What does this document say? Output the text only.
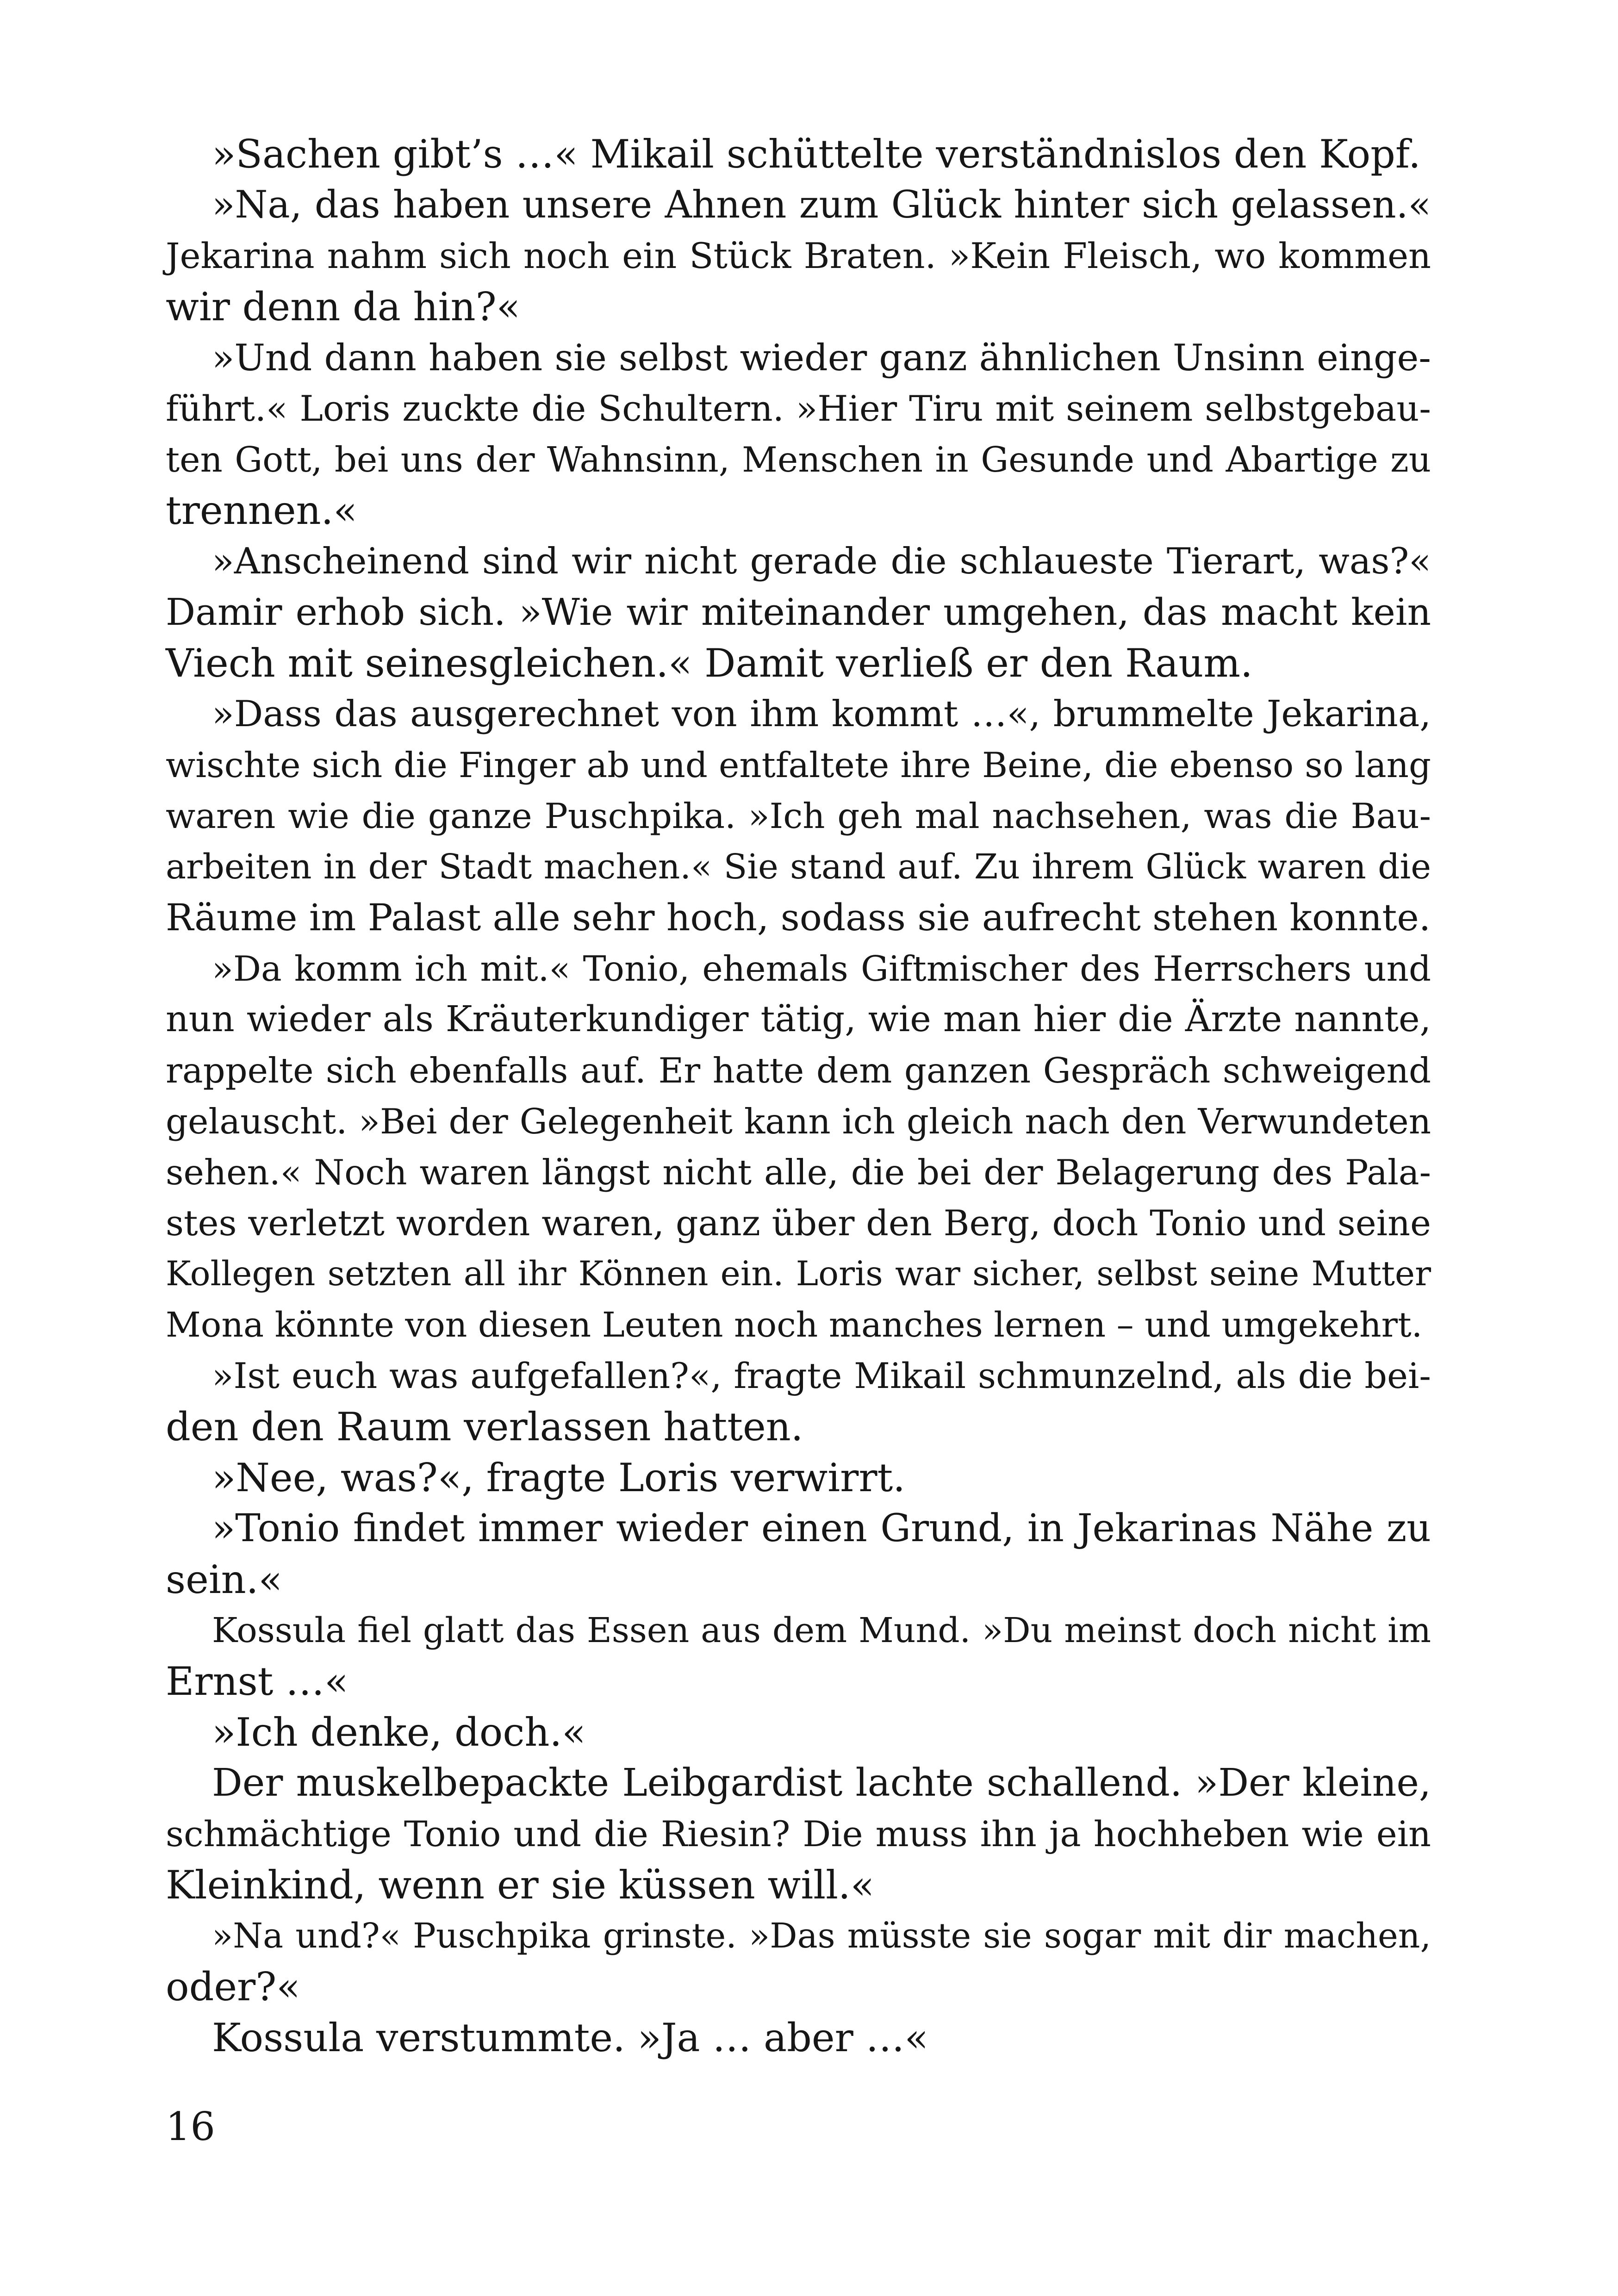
»Sachen gibt’s …« Mikail schüttelte verständnislos den Kopf.
»Na, das haben unsere Ahnen zum Glück hinter sich gelassen.«
Jekarina nahm sich noch ein Stück Braten. »Kein Fleisch, wo kommen
wir denn da hin?«
»Und dann haben sie selbst wieder ganz ähnlichen Unsinn einge-
führt.« Loris zuckte die Schultern. »Hier Tiru mit seinem selbstgebau-
ten Gott, bei uns der Wahnsinn, Menschen in Gesunde und Abartige zu
trennen.«
»Anscheinend sind wir nicht gerade die schlaueste Tierart, was?«
Damir erhob sich. »Wie wir miteinander umgehen, das macht kein
Viech mit seinesgleichen.« Damit verließ er den Raum.
»Dass das ausgerechnet von ihm kommt …«, brummelte Jekarina,
wischte sich die Finger ab und entfaltete ihre Beine, die ebenso so lang
waren wie die ganze Puschpika. »Ich geh mal nachsehen, was die Bau-
arbeiten in der Stadt machen.« Sie stand auf. Zu ihrem Glück waren die
Räume im Palast alle sehr hoch, sodass sie aufrecht stehen konnte.
»Da komm ich mit.« Tonio, ehemals Giftmischer des Herrschers und
nun wieder als Kräuterkundiger tätig, wie man hier die Ärzte nannte,
rappelte sich ebenfalls auf. Er hatte dem ganzen Gespräch schweigend
gelauscht. »Bei der Gelegenheit kann ich gleich nach den Verwundeten
sehen.« Noch waren längst nicht alle, die bei der Belagerung des Pala-
stes verletzt worden waren, ganz über den Berg, doch Tonio und seine
Kollegen setzten all ihr Können ein. Loris war sicher, selbst seine Mutter
Mona könnte von diesen Leuten noch manches lernen – und umgekehrt.
»Ist euch was aufgefallen?«, fragte Mikail schmunzelnd, als die bei-
den den Raum verlassen hatten.
»Nee, was?«, fragte Loris verwirrt.
»Tonio findet immer wieder einen Grund, in Jekarinas Nähe zu
sein.«
Kossula fiel glatt das Essen aus dem Mund. »Du meinst doch nicht im
Ernst …«
»Ich denke, doch.«
Der muskelbepackte Leibgardist lachte schallend. »Der kleine,
schmächtige Tonio und die Riesin? Die muss ihn ja hochheben wie ein
Kleinkind, wenn er sie küssen will.«
»Na und?« Puschpika grinste. »Das müsste sie sogar mit dir machen,
oder?«
Kossula verstummte. »Ja … aber …«
16
